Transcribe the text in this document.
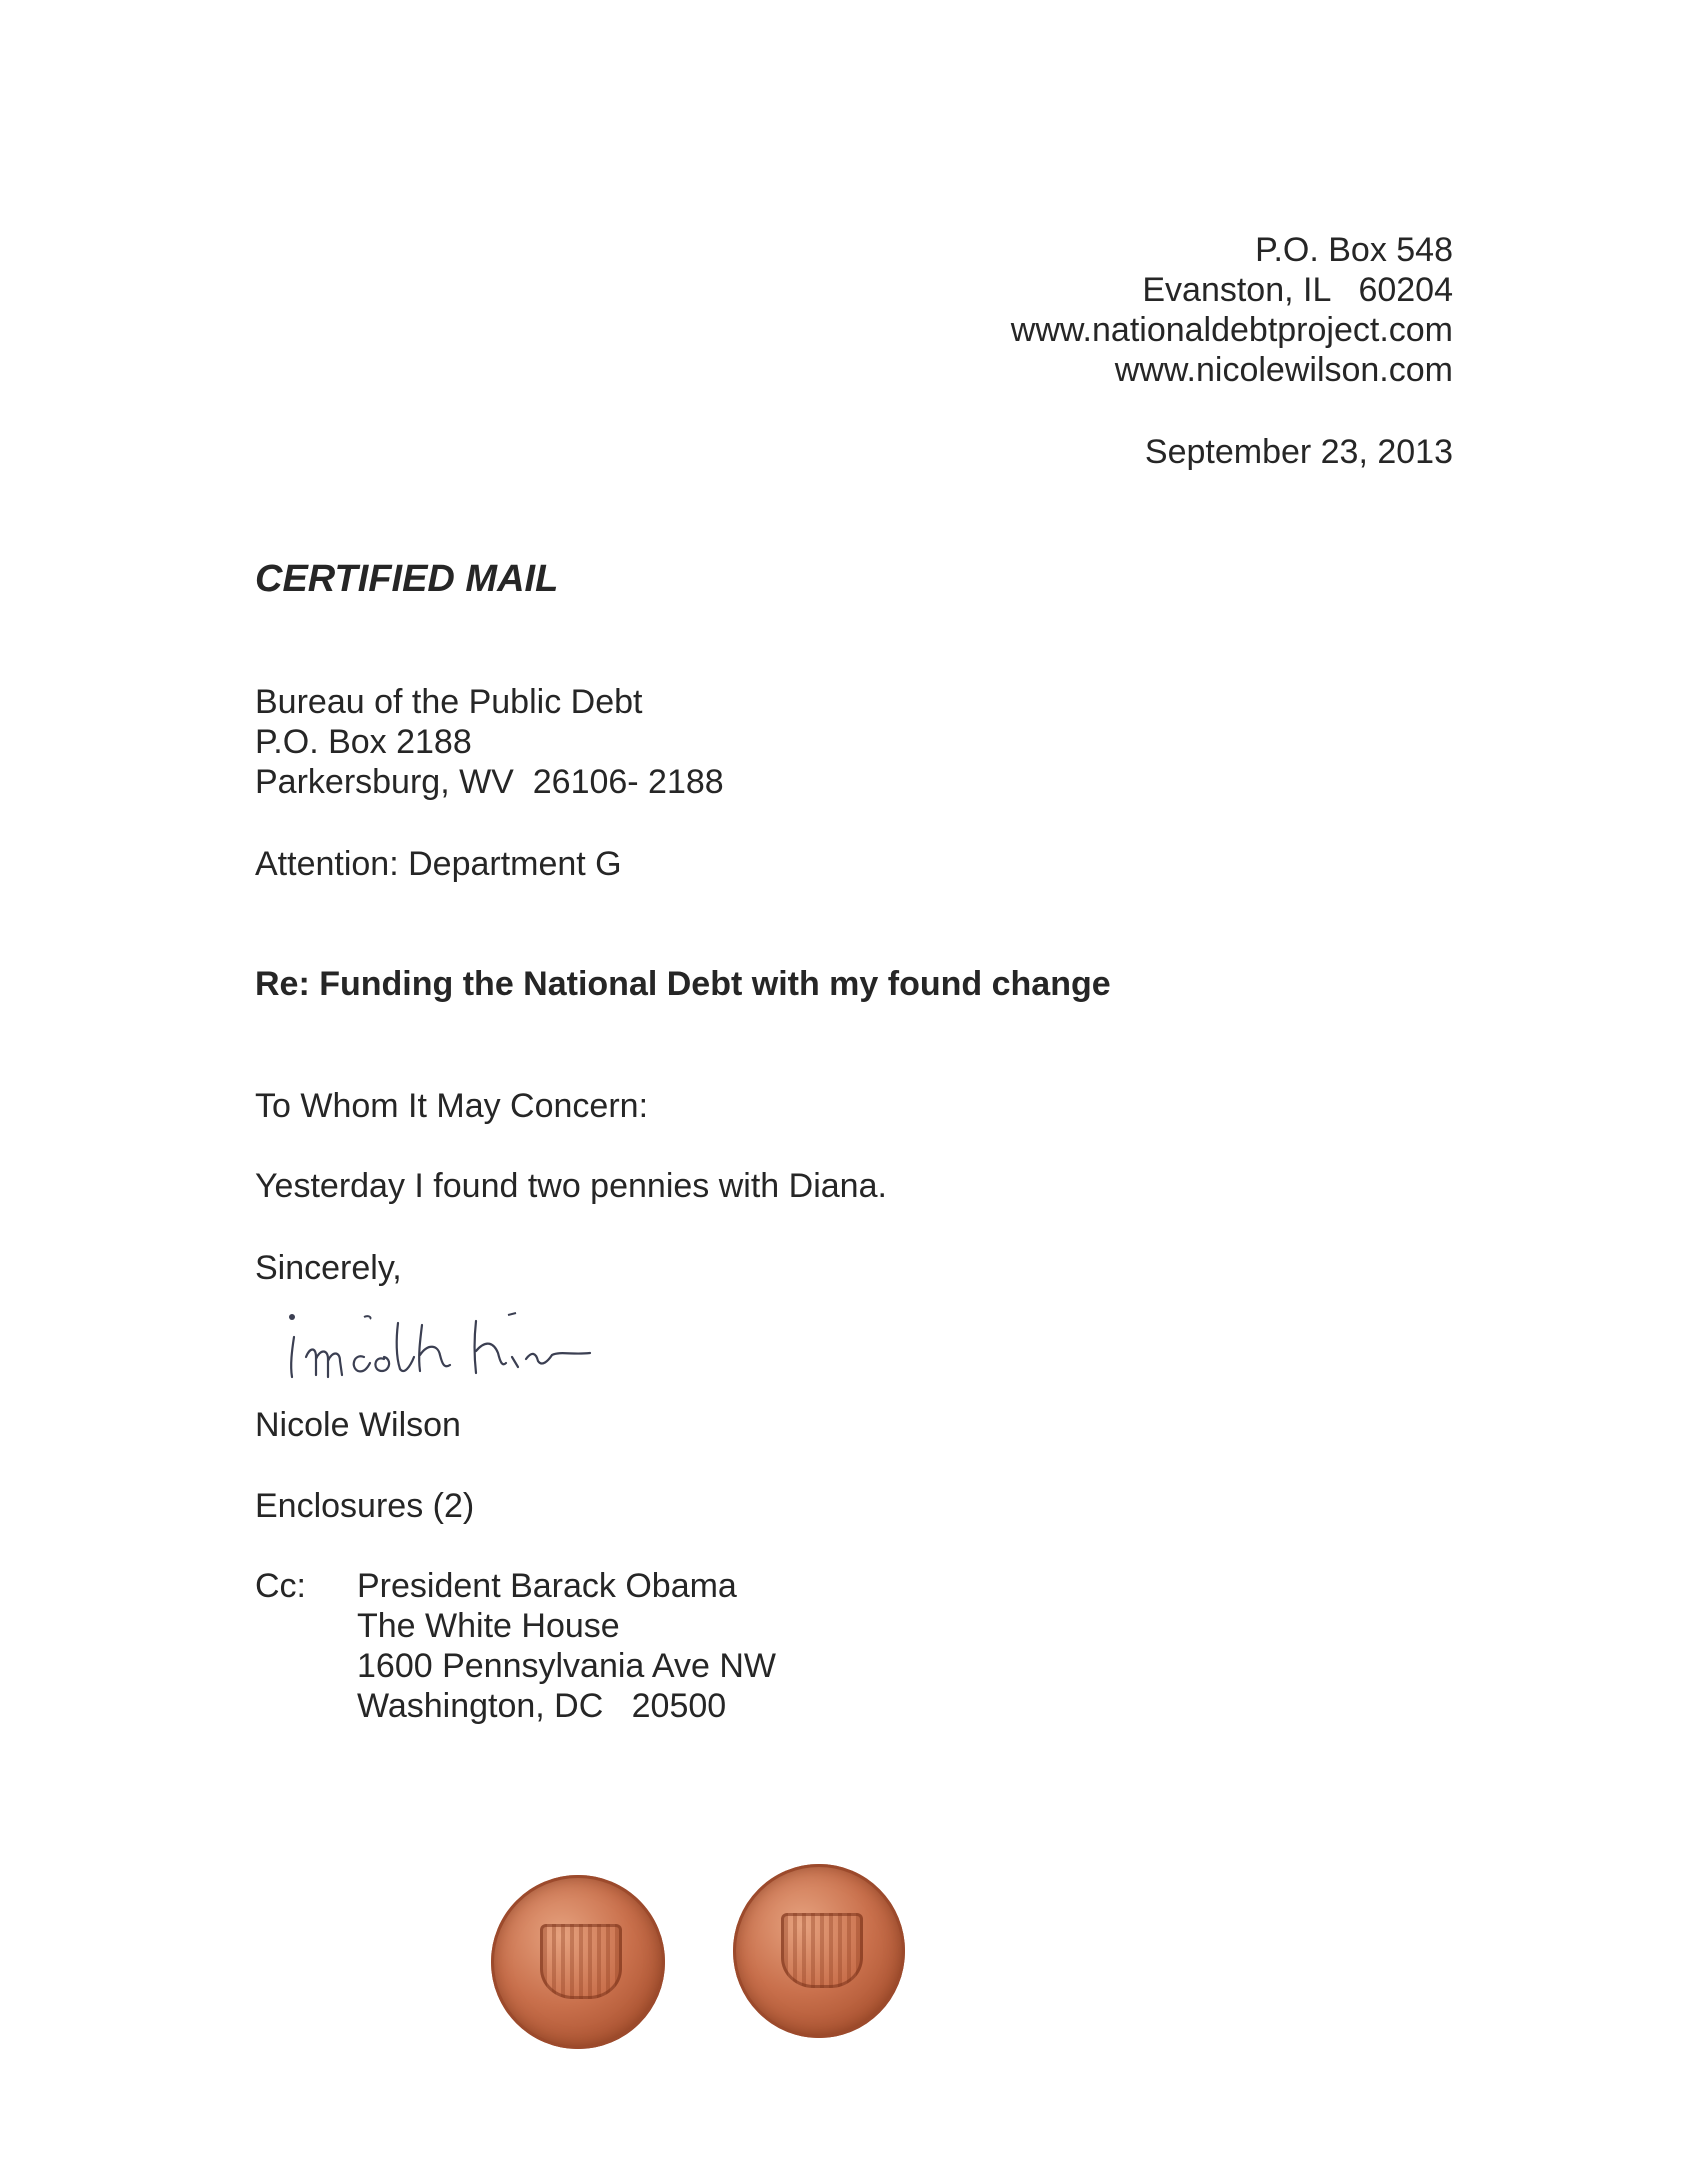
P.O. Box 548
Evanston, IL   60204
www.nationaldebtproject.com
www.nicolewilson.com
September 23, 2013
CERTIFIED MAIL
Bureau of the Public Debt
P.O. Box 2188
Parkersburg, WV  26106- 2188
Attention: Department G
Re: Funding the National Debt with my found change
To Whom It May Concern:
Yesterday I found two pennies with Diana.
Sincerely,
Nicole Wilson
Enclosures (2)
Cc: President Barack Obama
The White House
1600 Pennsylvania Ave NW
Washington, DC   20500
